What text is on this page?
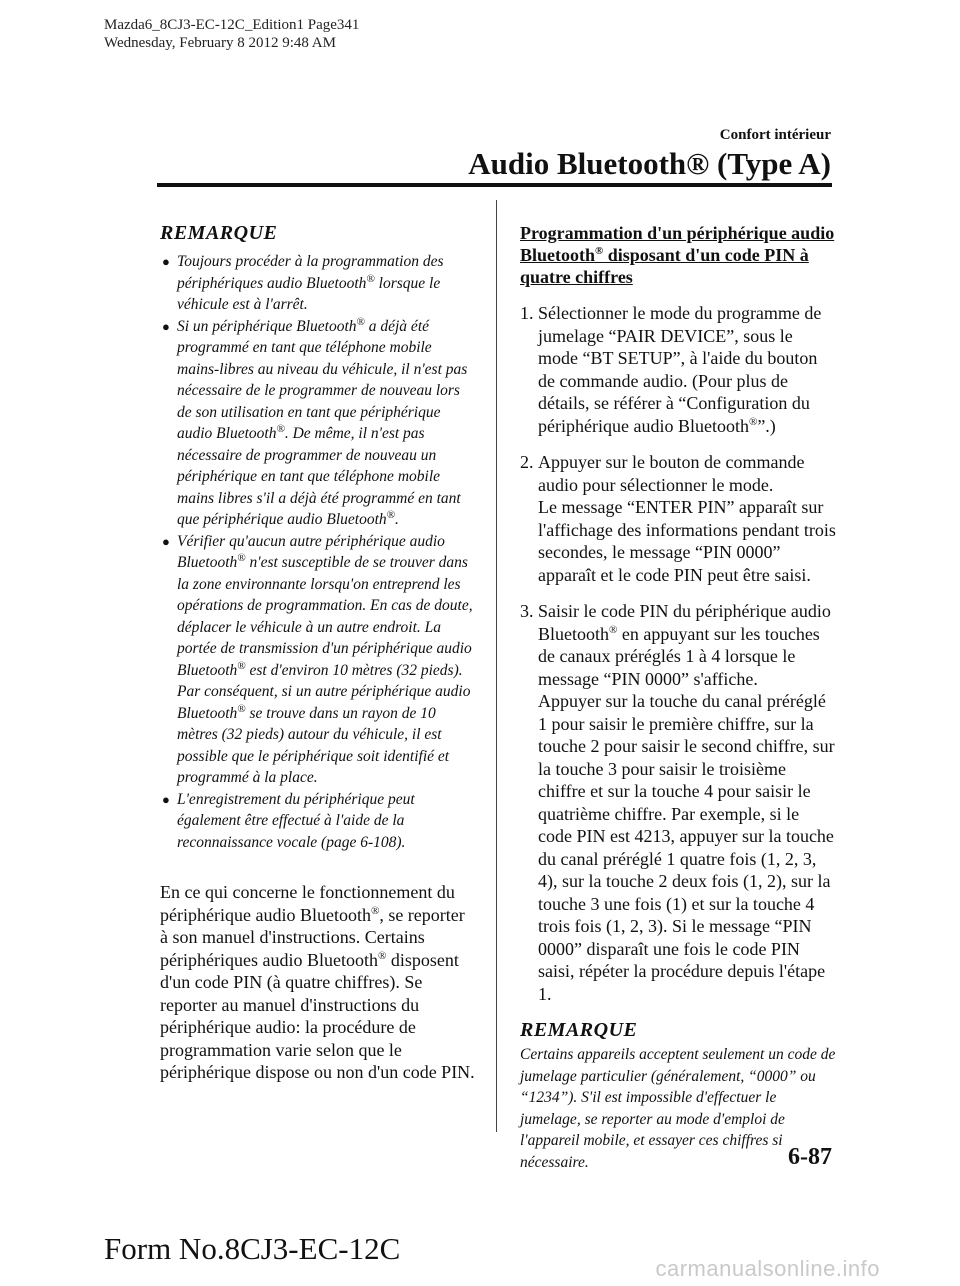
Mazda6_8CJ3-EC-12C_Edition1 Page341
Wednesday, February 8 2012 9:48 AM
Confort intérieur
Audio Bluetooth® (Type A)
REMARQUE
● Toujours procéder à la programmation des périphériques audio Bluetooth® lorsque le véhicule est à l'arrêt.
● Si un périphérique Bluetooth® a déjà été programmé en tant que téléphone mobile mains-libres au niveau du véhicule, il n'est pas nécessaire de le programmer de nouveau lors de son utilisation en tant que périphérique audio Bluetooth®. De même, il n'est pas nécessaire de programmer de nouveau un périphérique en tant que téléphone mobile mains libres s'il a déjà été programmé en tant que périphérique audio Bluetooth®.
● Vérifier qu'aucun autre périphérique audio Bluetooth® n'est susceptible de se trouver dans la zone environnante lorsqu'on entreprend les opérations de programmation. En cas de doute, déplacer le véhicule à un autre endroit. La portée de transmission d'un périphérique audio Bluetooth® est d'environ 10 mètres (32 pieds). Par conséquent, si un autre périphérique audio Bluetooth® se trouve dans un rayon de 10 mètres (32 pieds) autour du véhicule, il est possible que le périphérique soit identifié et programmé à la place.
● L'enregistrement du périphérique peut également être effectué à l'aide de la reconnaissance vocale (page 6-108).

En ce qui concerne le fonctionnement du périphérique audio Bluetooth®, se reporter à son manuel d'instructions. Certains périphériques audio Bluetooth® disposent d'un code PIN (à quatre chiffres). Se reporter au manuel d'instructions du périphérique audio: la procédure de programmation varie selon que le périphérique dispose ou non d'un code PIN.

Programmation d'un périphérique audio Bluetooth® disposant d'un code PIN à quatre chiffres

1. Sélectionner le mode du programme de jumelage “PAIR DEVICE”, sous le mode “BT SETUP”, à l'aide du bouton de commande audio. (Pour plus de détails, se référer à “Configuration du périphérique audio Bluetooth®”.)
2. Appuyer sur le bouton de commande audio pour sélectionner le mode.
Le message “ENTER PIN” apparaît sur l'affichage des informations pendant trois secondes, le message “PIN 0000” apparaît et le code PIN peut être saisi.
3. Saisir le code PIN du périphérique audio Bluetooth® en appuyant sur les touches de canaux préréglés 1 à 4 lorsque le message “PIN 0000” s'affiche.
Appuyer sur la touche du canal préréglé 1 pour saisir le première chiffre, sur la touche 2 pour saisir le second chiffre, sur la touche 3 pour saisir le troisième chiffre et sur la touche 4 pour saisir le quatrième chiffre. Par exemple, si le code PIN est 4213, appuyer sur la touche du canal préréglé 1 quatre fois (1, 2, 3, 4), sur la touche 2 deux fois (1, 2), sur la touche 3 une fois (1) et sur la touche 4 trois fois (1, 2, 3). Si le message “PIN 0000” disparaît une fois le code PIN saisi, répéter la procédure depuis l'étape 1.
REMARQUE

Certains appareils acceptent seulement un code de jumelage particulier (généralement, “0000” ou “1234”). S'il est impossible d'effectuer le jumelage, se reporter au mode d'emploi de l'appareil mobile, et essayer ces chiffres si nécessaire.	6-87
Form No.8CJ3-EC-12C
carmanualsonline.info
